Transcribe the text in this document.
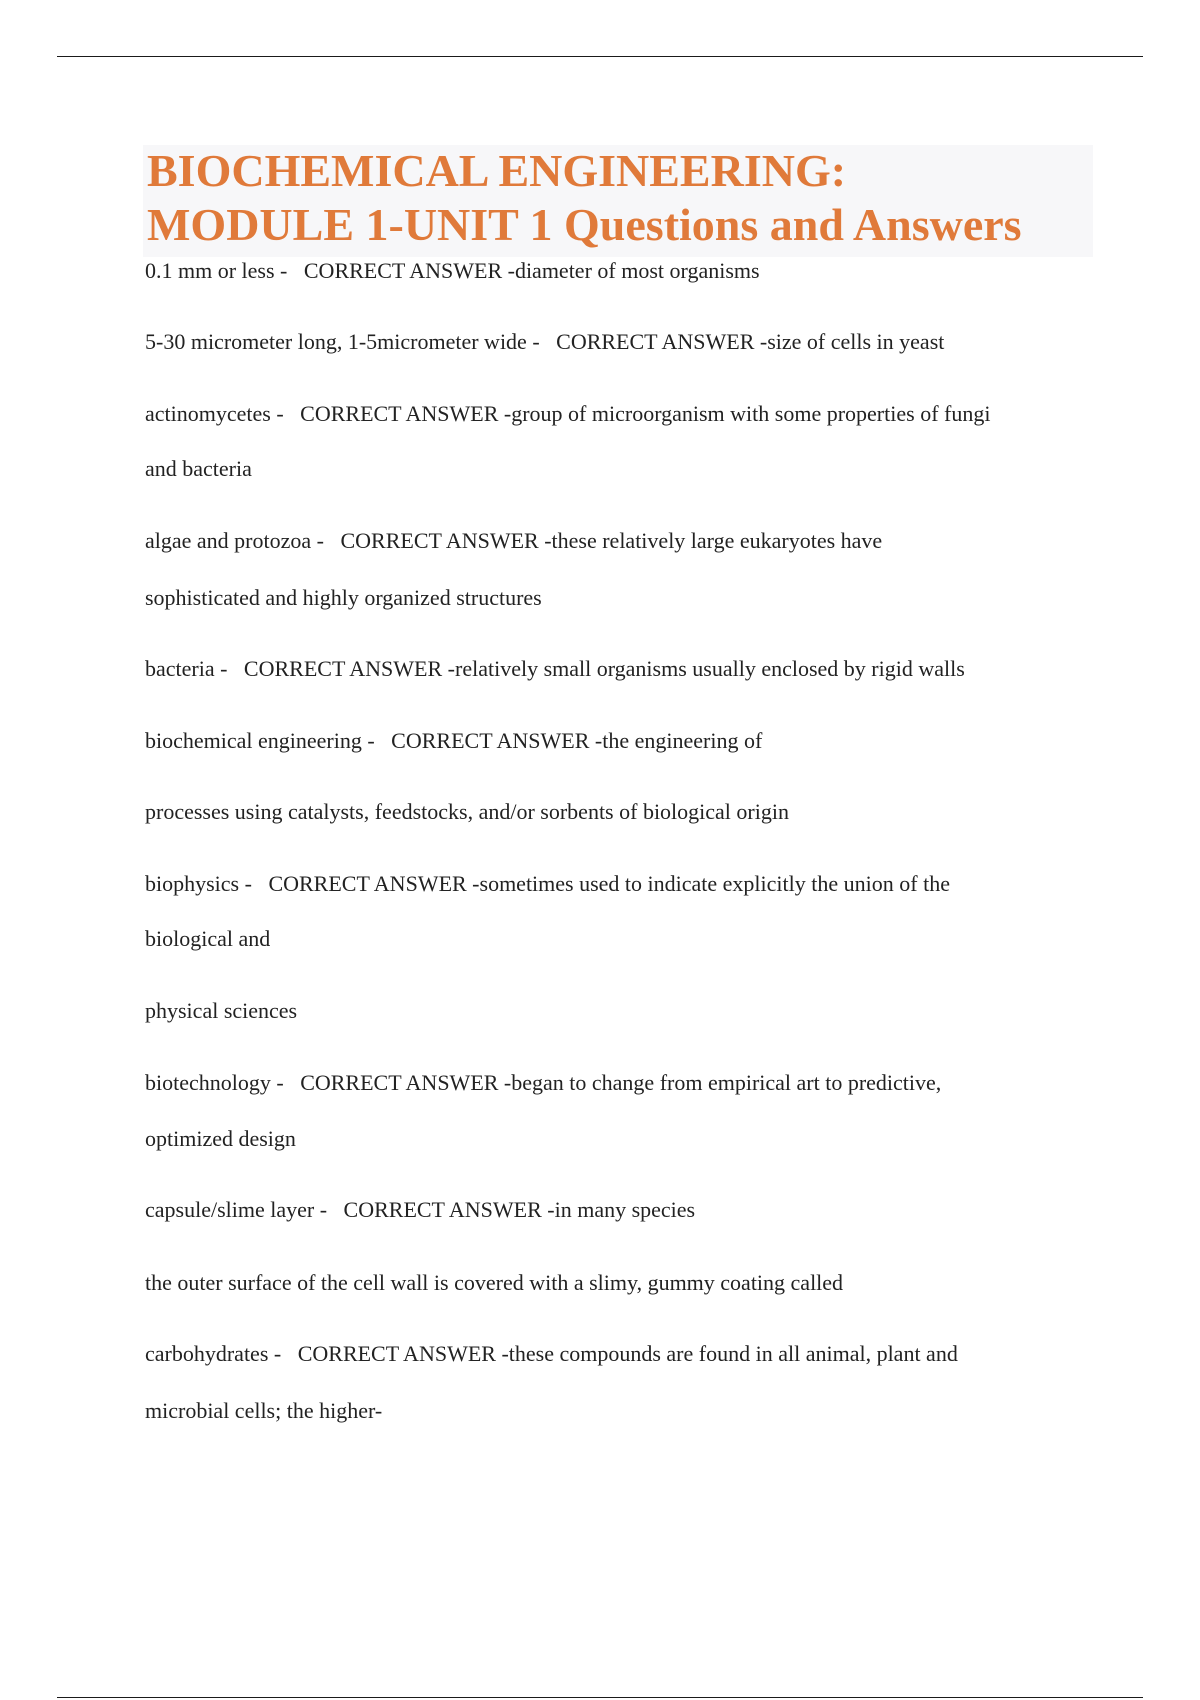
BIOCHEMICAL ENGINEERING:
MODULE 1-UNIT 1 Questions and Answers
0.1 mm or less -   CORRECT ANSWER -diameter of most organisms
5-30 micrometer long, 1-5micrometer wide -   CORRECT ANSWER -size of cells in yeast
actinomycetes -   CORRECT ANSWER -group of microorganism with some properties of fungi
and bacteria
algae and protozoa -   CORRECT ANSWER -these relatively large eukaryotes have
sophisticated and highly organized structures
bacteria -   CORRECT ANSWER -relatively small organisms usually enclosed by rigid walls
biochemical engineering -   CORRECT ANSWER -the engineering of
processes using catalysts, feedstocks, and/or sorbents of biological origin
biophysics -   CORRECT ANSWER -sometimes used to indicate explicitly the union of the
biological and
physical sciences
biotechnology -   CORRECT ANSWER -began to change from empirical art to predictive,
optimized design
capsule/slime layer -   CORRECT ANSWER -in many species
the outer surface of the cell wall is covered with a slimy, gummy coating called
carbohydrates -   CORRECT ANSWER -these compounds are found in all animal, plant and
microbial cells; the higher-
